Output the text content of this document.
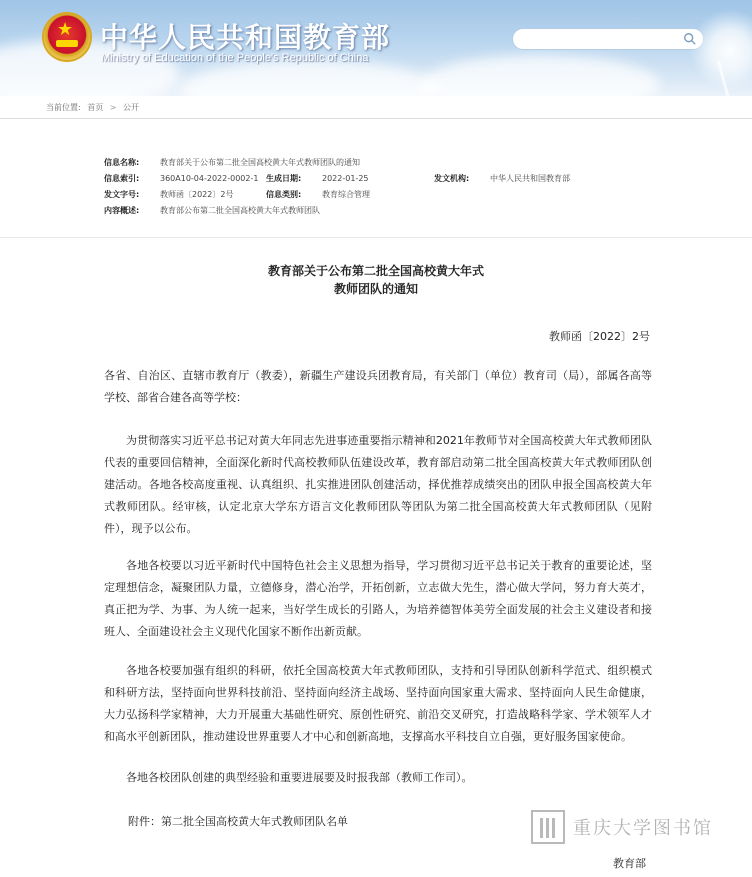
★ 中华人民共和国教育部
Ministry of Education of the People's Republic of China
当前位置: 首页 > 公开
信息名称:	教育部关于公布第二批全国高校黄大年式教师团队的通知
信息索引:	360A10-04-2022-0002-1 生成日期:	2022-01-25	发文机构:	中华人民共和国教育部
发文字号:	教师函〔2022〕2号	信息类别:	教育综合管理
内容概述:	教育部公布第二批全国高校黄大年式教师团队
教育部关于公布第二批全国高校黄大年式
教师团队的通知
教师函〔2022〕2号
各省、自治区、直辖市教育厅（教委），新疆生产建设兵团教育局，有关部门（单位）教育司（局），部属各高等学校、部省合建各高等学校：
为贯彻落实习近平总书记对黄大年同志先进事迹重要指示精神和2021年教师节对全国高校黄大年式教师团队代表的重要回信精神，全面深化新时代高校教师队伍建设改革，教育部启动第二批全国高校黄大年式教师团队创建活动。各地各校高度重视、认真组织、扎实推进团队创建活动，择优推荐成绩突出的团队申报全国高校黄大年式教师团队。经审核，认定北京大学东方语言文化教师团队等团队为第二批全国高校黄大年式教师团队（见附件），现予以公布。
各地各校要以习近平新时代中国特色社会主义思想为指导，学习贯彻习近平总书记关于教育的重要论述，坚定理想信念，凝聚团队力量，立德修身，潜心治学，开拓创新，立志做大先生，潜心做大学问，努力育大英才，真正把为学、为事、为人统一起来，当好学生成长的引路人，为培养德智体美劳全面发展的社会主义建设者和接班人、全面建设社会主义现代化国家不断作出新贡献。
各地各校要加强有组织的科研，依托全国高校黄大年式教师团队，支持和引导团队创新科学范式、组织模式和科研方法，坚持面向世界科技前沿、坚持面向经济主战场、坚持面向国家重大需求、坚持面向人民生命健康，大力弘扬科学家精神，大力开展重大基础性研究、原创性研究、前沿交叉研究，打造战略科学家、学术领军人才和高水平创新团队，推动建设世界重要人才中心和创新高地，支撑高水平科技自立自强，更好服务国家使命。
各地各校团队创建的典型经验和重要进展要及时报我部（教师工作司）。
附件：第二批全国高校黄大年式教师团队名单
教育部
重庆大学图书馆
